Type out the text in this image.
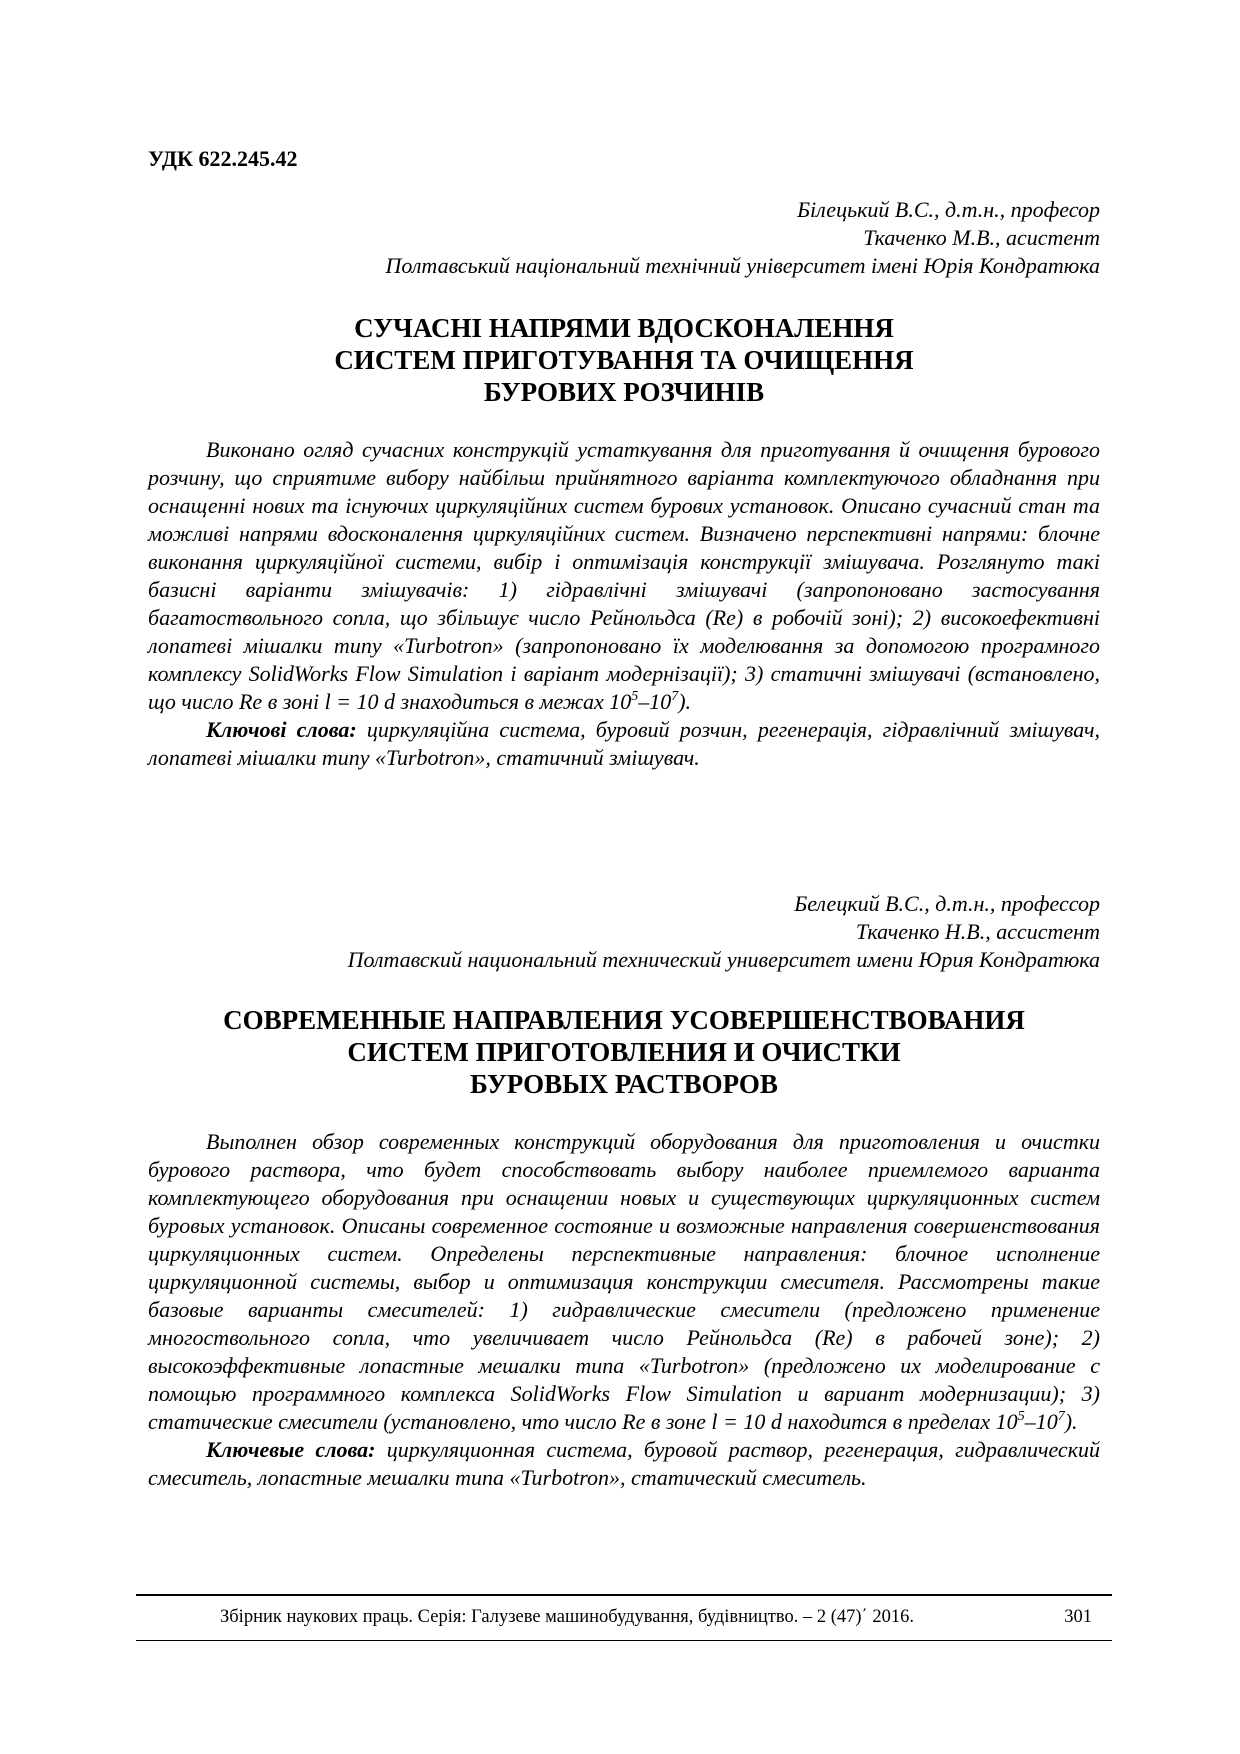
УДК 622.245.42
Білецький В.С., д.т.н., професор
Ткаченко М.В., асистент
Полтавський національний технічний університет імені Юрія Кондратюка
СУЧАСНІ НАПРЯМИ ВДОСКОНАЛЕННЯ
СИСТЕМ ПРИГОТУВАННЯ ТА ОЧИЩЕННЯ
БУРОВИХ РОЗЧИНІВ

Виконано огляд сучасних конструкцій устаткування для приготування й очищення бурового розчину, що сприятиме вибору найбільш прийнятного варіанта комплектуючого обладнання при оснащенні нових та існуючих циркуляційних систем бурових установок. Описано сучасний стан та можливі напрями вдосконалення циркуляційних систем. Визначено перспективні напрями: блочне виконання циркуляційної системи, вибір і оптимізація конструкції змішувача. Розглянуто такі базисні варіанти змішувачів: 1) гідравлічні змішувачі (запропоновано застосування багатоствольного сопла, що збільшує число Рейнольдса (Re) в робочій зоні); 2) високоефективні лопатеві мішалки типу «Turbotron» (запропоновано їх моделювання за допомогою програмного комплексу SolidWorks Flow Simulation і варіант модернізації); 3) статичні змішувачі (встановлено, що число Re в зоні l = 10 d знаходиться в межах $10^5-10^7$).

Ключові слова: циркуляційна система, буровий розчин, регенерація, гідравлічний змішувач, лопатеві мішалки типу «Turbotron», статичний змішувач.

Белецкий В.С., д.т.н., профессор
Ткаченко Н.В., ассистент
Полтавский национальний технический университет имени Юрия Кондратюка
СОВРЕМЕННЫЕ НАПРАВЛЕНИЯ УСОВЕРШЕНСТВОВАНИЯ
СИСТЕМ ПРИГОТОВЛЕНИЯ И ОЧИСТКИ
БУРОВЫХ РАСТВОРОВ

Выполнен обзор современных конструкций оборудования для приготовления и очистки бурового раствора, что будет способствовать выбору наиболее приемлемого варианта комплектующего оборудования при оснащении новых и существующих циркуляционных систем буровых установок. Описаны современное состояние и возможные направления совершенствования циркуляционных систем. Определены перспективные направления: блочное исполнение циркуляционной системы, выбор и оптимизация конструкции смесителя. Рассмотрены такие базовые варианты смесителей: 1) гидравлические смесители (предложено применение многоствольного сопла, что увеличивает число Рейнольдса (Re) в рабочей зоне); 2) высокоэффективные лопастные мешалки типа «Turbotron» (предложено их моделирование с помощью программного комплекса SolidWorks Flow Simulation и вариант модернизации); 3) статические смесители (установлено, что число Re в зоне l = 10 d находится в пределах $10^5-10^7$).

Ключевые слова: циркуляционная система, буровой раствор, регенерация, гидравлический смеситель, лопастные мешалки типа «Turbotron», статический смеситель.

Збірник наукових праць. Серія: Галузеве машинобудування, будівництво. – 2 (47)΄ 2016.	301
